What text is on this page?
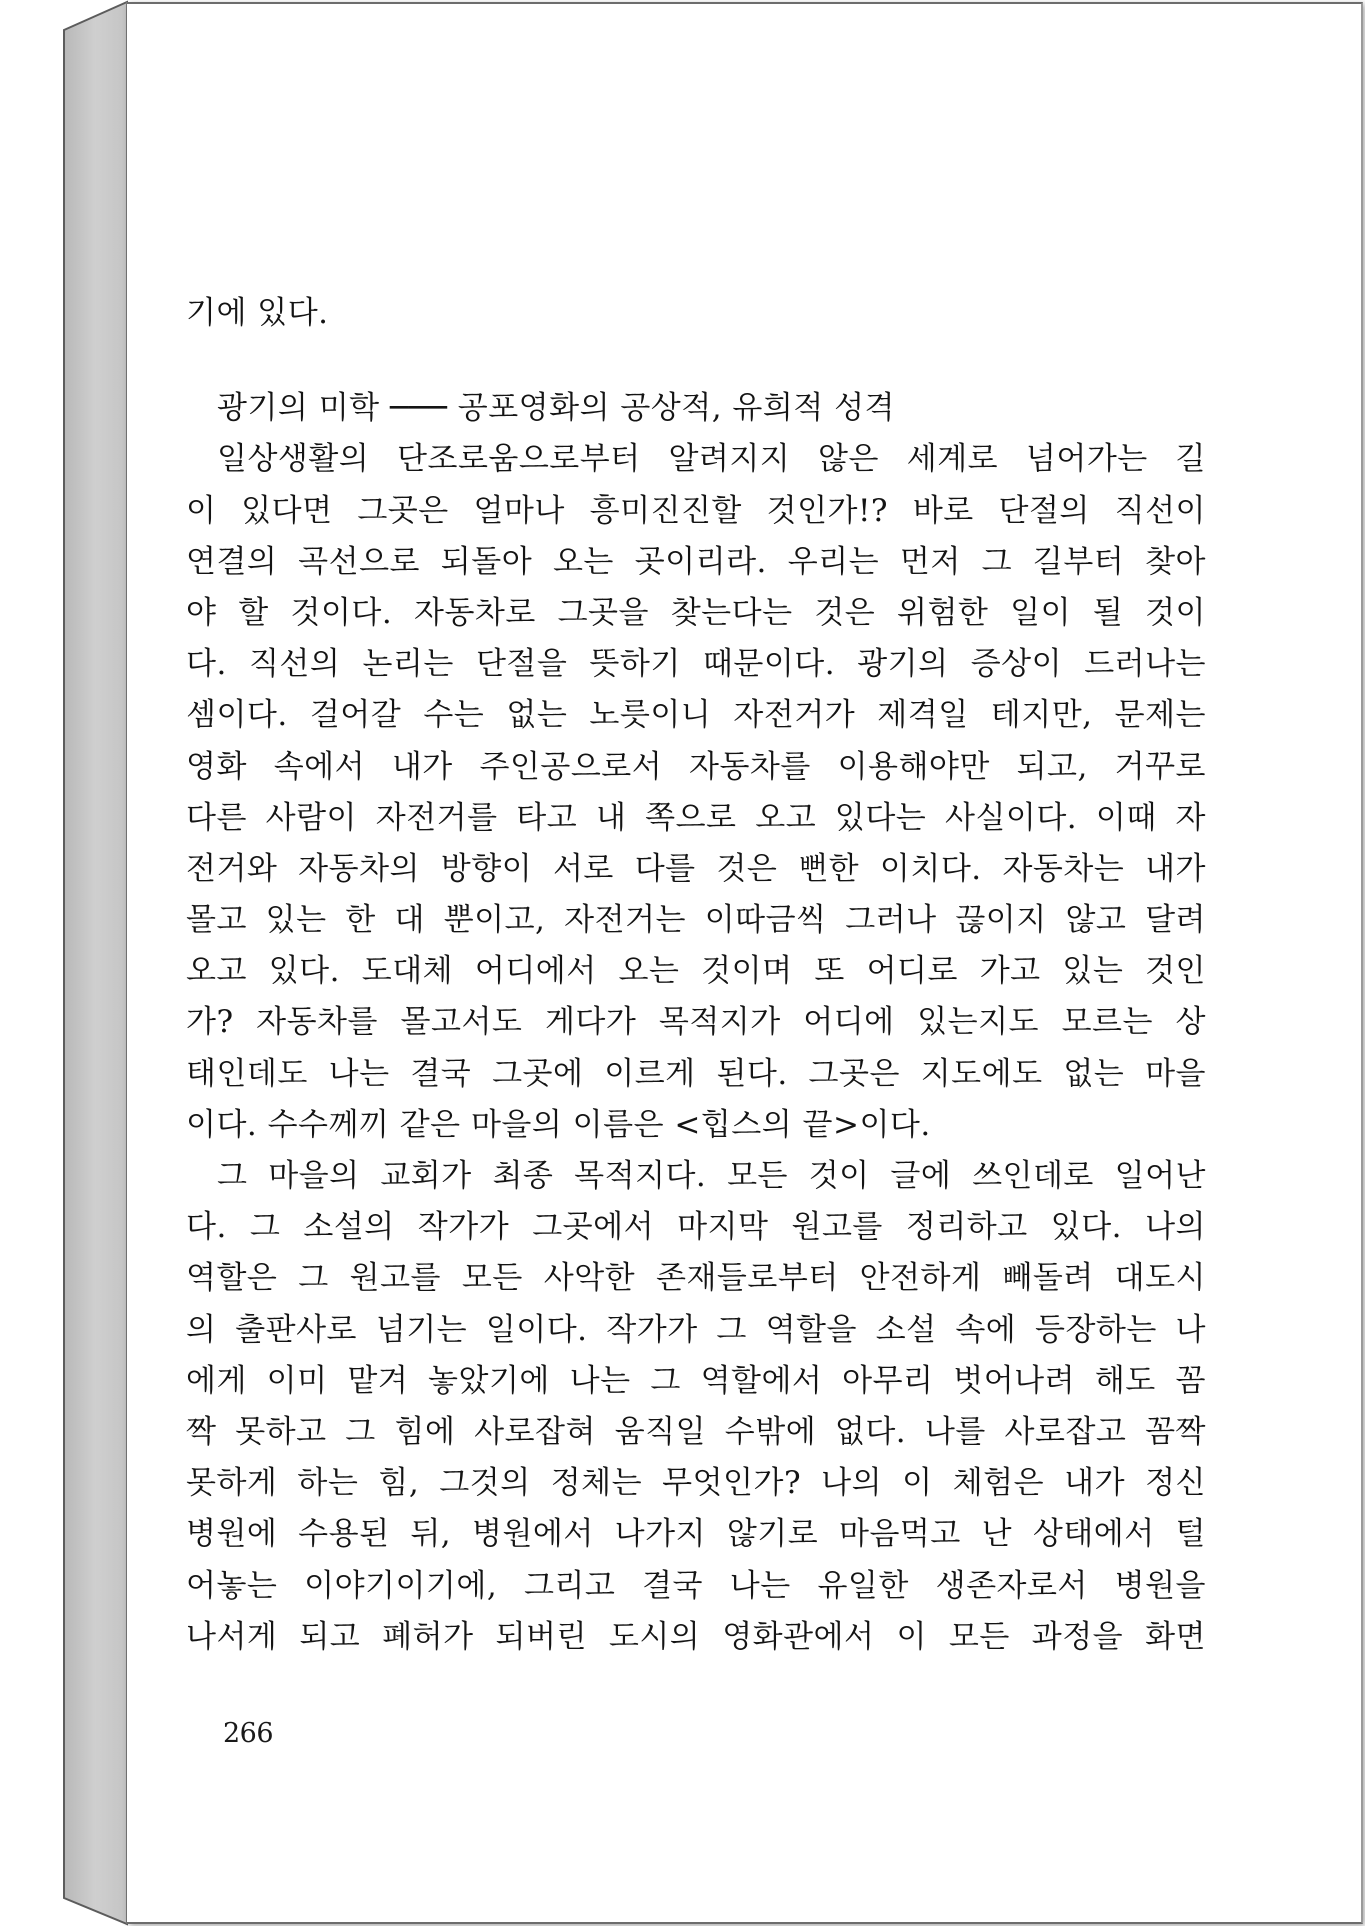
기에 있다.
광기의 미학 ─── 공포영화의 공상적, 유희적 성격
일상생활의 단조로움으로부터 알려지지 않은 세계로 넘어가는 길
이 있다면 그곳은 얼마나 흥미진진할 것인가!? 바로 단절의 직선이
연결의 곡선으로 되돌아 오는 곳이리라. 우리는 먼저 그 길부터 찾아
야 할 것이다. 자동차로 그곳을 찾는다는 것은 위험한 일이 될 것이
다. 직선의 논리는 단절을 뜻하기 때문이다. 광기의 증상이 드러나는
셈이다. 걸어갈 수는 없는 노릇이니 자전거가 제격일 테지만, 문제는
영화 속에서 내가 주인공으로서 자동차를 이용해야만 되고, 거꾸로
다른 사람이 자전거를 타고 내 쪽으로 오고 있다는 사실이다. 이때 자
전거와 자동차의 방향이 서로 다를 것은 뻔한 이치다. 자동차는 내가
몰고 있는 한 대 뿐이고, 자전거는 이따금씩 그러나 끊이지 않고 달려
오고 있다. 도대체 어디에서 오는 것이며 또 어디로 가고 있는 것인
가? 자동차를 몰고서도 게다가 목적지가 어디에 있는지도 모르는 상
태인데도 나는 결국 그곳에 이르게 된다. 그곳은 지도에도 없는 마을
이다. 수수께끼 같은 마을의 이름은 <힙스의 끝>이다.
그 마을의 교회가 최종 목적지다. 모든 것이 글에 쓰인데로 일어난
다. 그 소설의 작가가 그곳에서 마지막 원고를 정리하고 있다. 나의
역할은 그 원고를 모든 사악한 존재들로부터 안전하게 빼돌려 대도시
의 출판사로 넘기는 일이다. 작가가 그 역할을 소설 속에 등장하는 나
에게 이미 맡겨 놓았기에 나는 그 역할에서 아무리 벗어나려 해도 꼼
짝 못하고 그 힘에 사로잡혀 움직일 수밖에 없다. 나를 사로잡고 꼼짝
못하게 하는 힘, 그것의 정체는 무엇인가? 나의 이 체험은 내가 정신
병원에 수용된 뒤, 병원에서 나가지 않기로 마음먹고 난 상태에서 털
어놓는 이야기이기에, 그리고 결국 나는 유일한 생존자로서 병원을
나서게 되고 폐허가 되버린 도시의 영화관에서 이 모든 과정을 화면
266
